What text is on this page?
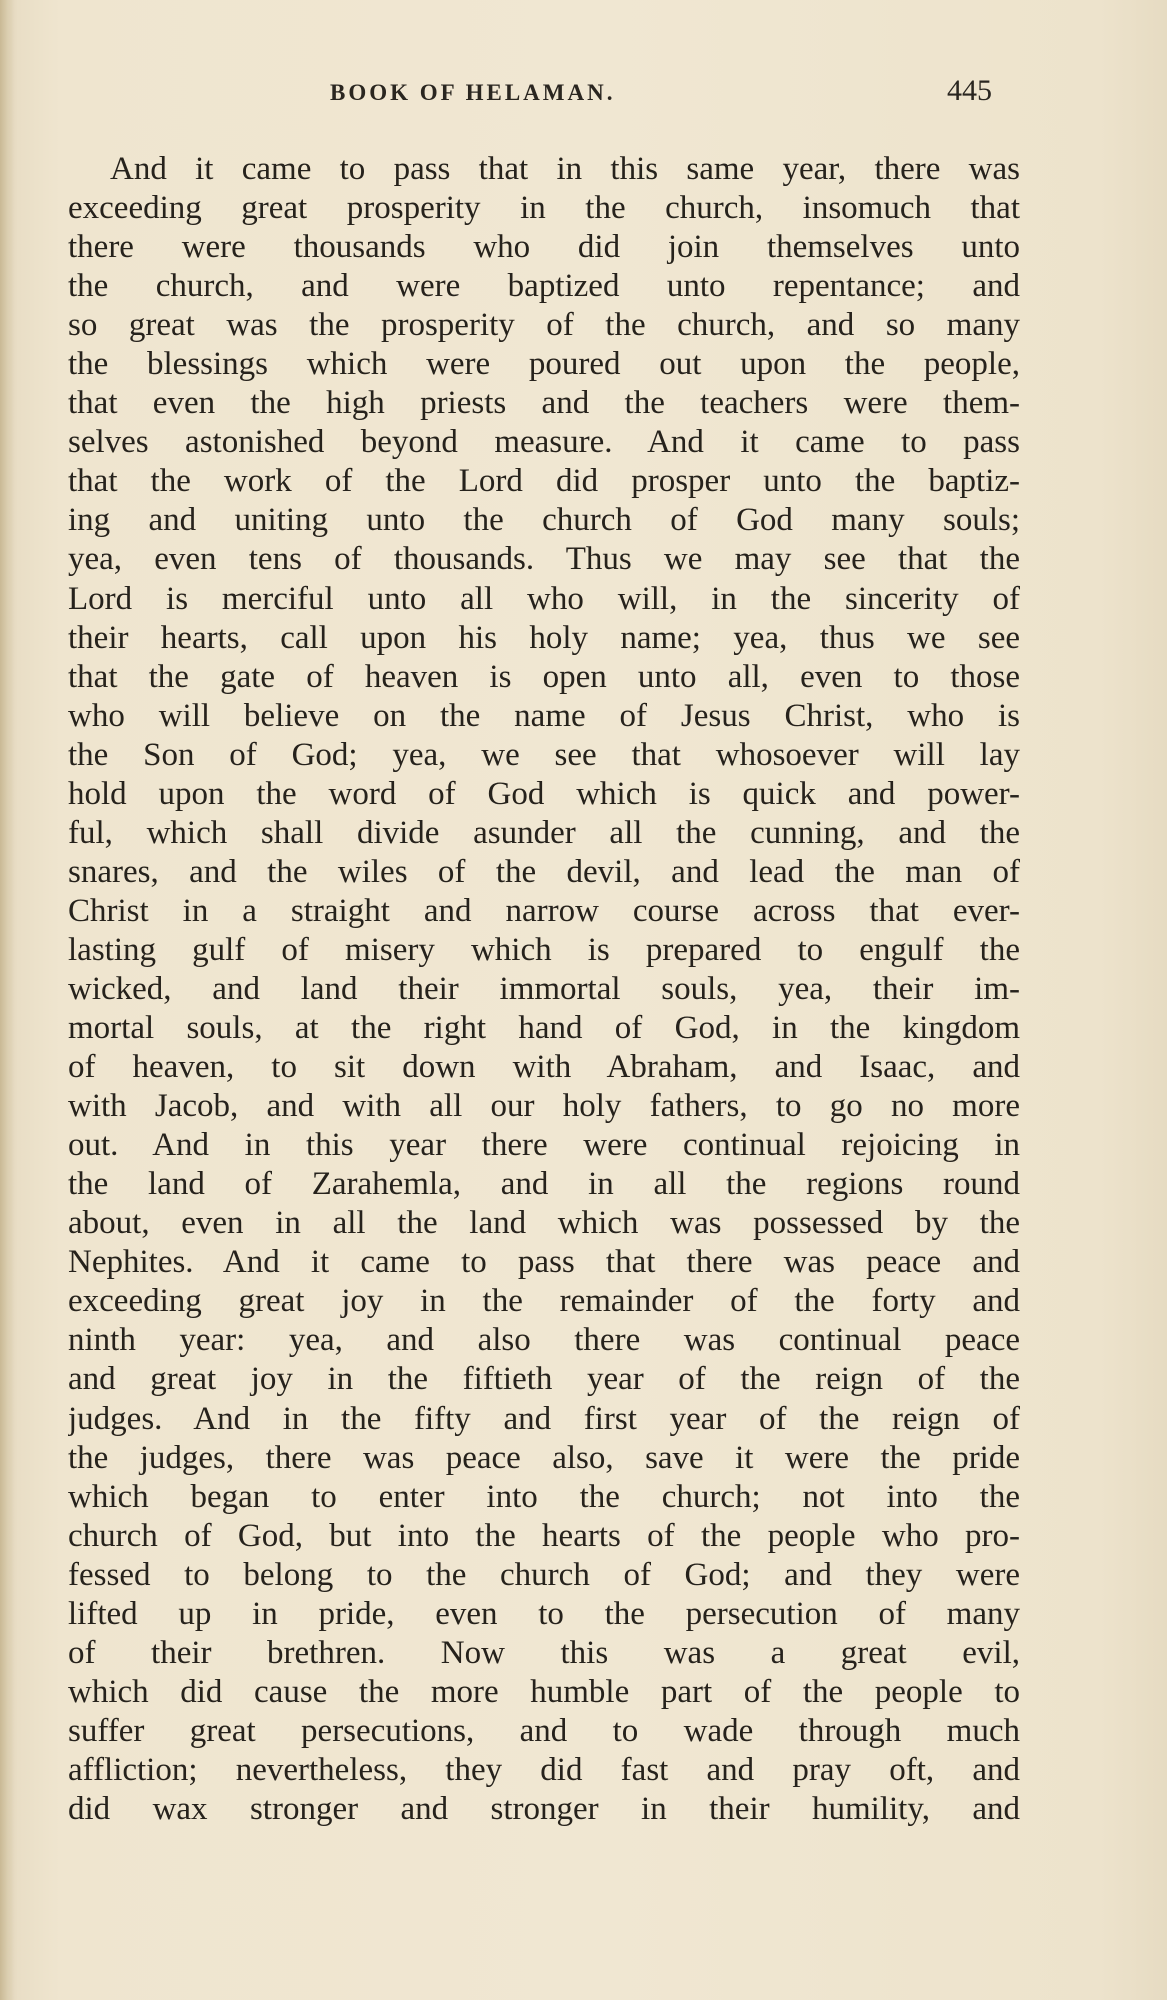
BOOK OF HELAMAN.	445
And it came to pass that in this same year, there was
exceeding great prosperity in the church, insomuch that
there were thousands who did join themselves unto
the church, and were baptized unto repentance; and
so great was the prosperity of the church, and so many
the blessings which were poured out upon the people,
that even the high priests and the teachers were them-
selves astonished beyond measure. And it came to pass
that the work of the Lord did prosper unto the baptiz-
ing and uniting unto the church of God many souls;
yea, even tens of thousands. Thus we may see that the
Lord is merciful unto all who will, in the sincerity of
their hearts, call upon his holy name; yea, thus we see
that the gate of heaven is open unto all, even to those
who will believe on the name of Jesus Christ, who is
the Son of God; yea, we see that whosoever will lay
hold upon the word of God which is quick and power-
ful, which shall divide asunder all the cunning, and the
snares, and the wiles of the devil, and lead the man of
Christ in a straight and narrow course across that ever-
lasting gulf of misery which is prepared to engulf the
wicked, and land their immortal souls, yea, their im-
mortal souls, at the right hand of God, in the kingdom
of heaven, to sit down with Abraham, and Isaac, and
with Jacob, and with all our holy fathers, to go no more
out. And in this year there were continual rejoicing in
the land of Zarahemla, and in all the regions round
about, even in all the land which was possessed by the
Nephites. And it came to pass that there was peace and
exceeding great joy in the remainder of the forty and
ninth year: yea, and also there was continual peace
and great joy in the fiftieth year of the reign of the
judges. And in the fifty and first year of the reign of
the judges, there was peace also, save it were the pride
which began to enter into the church; not into the
church of God, but into the hearts of the people who pro-
fessed to belong to the church of God; and they were
lifted up in pride, even to the persecution of many
of their brethren. Now this was a great evil,
which did cause the more humble part of the people to
suffer great persecutions, and to wade through much
affliction; nevertheless, they did fast and pray oft, and
did wax stronger and stronger in their humility, and
